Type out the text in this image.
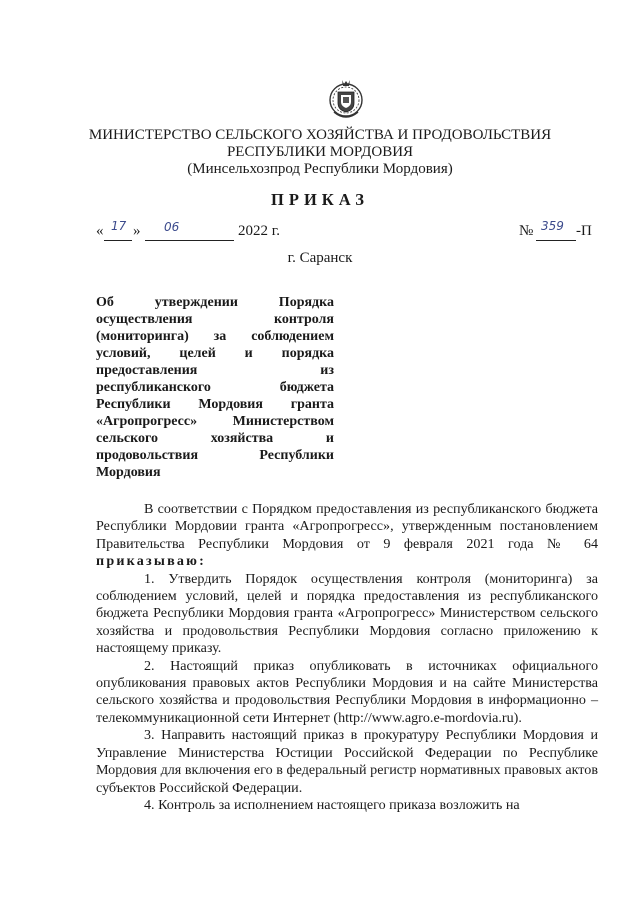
МИНИСТЕРСТВО СЕЛЬСКОГО ХОЗЯЙСТВА И ПРОДОВОЛЬСТВИЯ
РЕСПУБЛИКИ МОРДОВИЯ
(Минсельхозпрод Республики Мордовия)
ПРИКАЗ
« 17 » 06	2022 г.	№ 359 -П
г. Саранск
Об утверждении Порядка
осуществления контроля
(мониторинга) за соблюдением
условий, целей и порядка
предоставления из
республиканского бюджета
Республики Мордовия гранта
«Агропрогресс» Министерством
сельского хозяйства и
продовольствия Республики
Мордовия

В соответствии с Порядком предоставления из республиканского бюджета Республики Мордовии гранта «Агропрогресс», утвержденным постановлением Правительства Республики Мордовия от 9 февраля 2021 года № 64 приказываю:

1. Утвердить Порядок осуществления контроля (мониторинга) за соблюдением условий, целей и порядка предоставления из республиканского бюджета Республики Мордовия гранта «Агропрогресс» Министерством сельского хозяйства и продовольствия Республики Мордовия согласно приложению к настоящему приказу.

2. Настоящий приказ опубликовать в источниках официального опубликования правовых актов Республики Мордовия и на сайте Министерства сельского хозяйства и продовольствия Республики Мордовия в информационно – телекоммуникационной сети Интернет (http://www.agro.e-mordovia.ru).

3. Направить настоящий приказ в прокуратуру Республики Мордовия и Управление Министерства Юстиции Российской Федерации по Республике Мордовия для включения его в федеральный регистр нормативных правовых актов субъектов Российской Федерации.

4. Контроль за исполнением настоящего приказа возложить на
